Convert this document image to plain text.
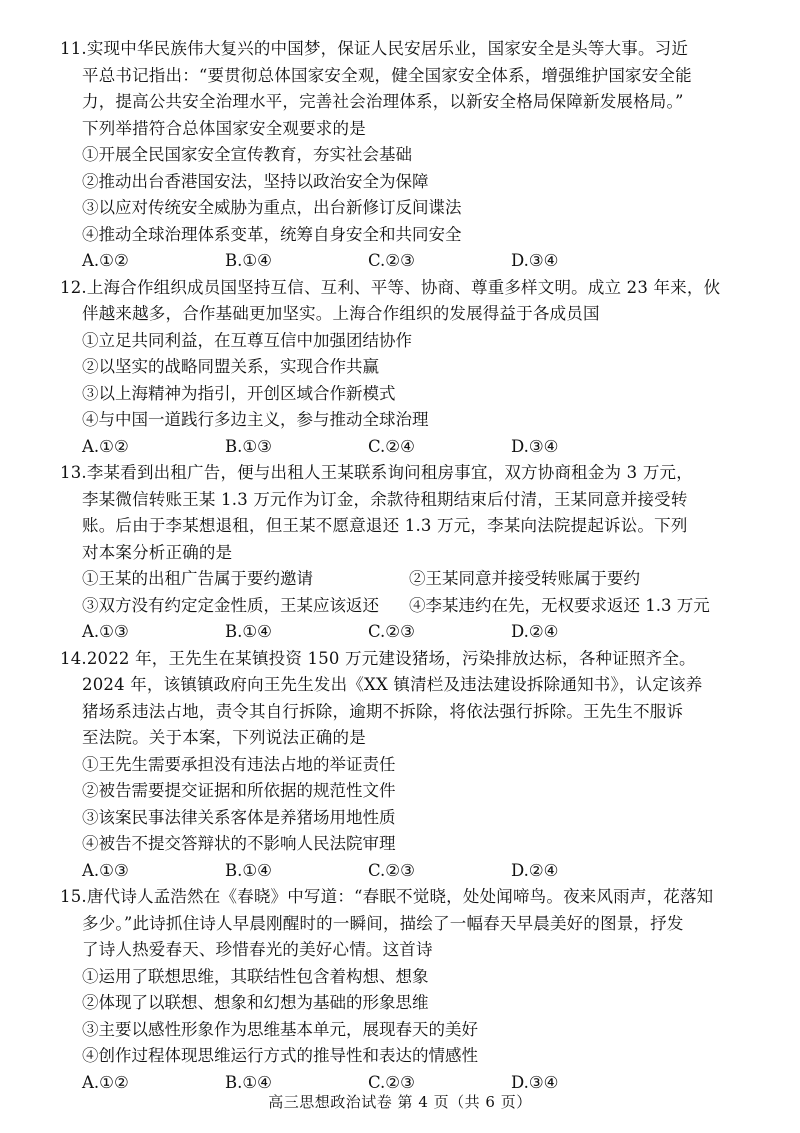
11.实现中华民族伟大复兴的中国梦，保证人民安居乐业，国家安全是头等大事。习近
平总书记指出：“要贯彻总体国家安全观，健全国家安全体系，增强维护国家安全能
力，提高公共安全治理水平，完善社会治理体系，以新安全格局保障新发展格局。”
下列举措符合总体国家安全观要求的是
①开展全民国家安全宣传教育，夯实社会基础
②推动出台香港国安法，坚持以政治安全为保障
③以应对传统安全威胁为重点，出台新修订反间谍法
④推动全球治理体系变革，统筹自身安全和共同安全
A.①②	B.①④	C.②③	D.③④
12.上海合作组织成员国坚持互信、互利、平等、协商、尊重多样文明。成立 23 年来，伙
伴越来越多，合作基础更加坚实。上海合作组织的发展得益于各成员国
①立足共同利益，在互尊互信中加强团结协作
②以坚实的战略同盟关系，实现合作共赢
③以上海精神为指引，开创区域合作新模式
④与中国一道践行多边主义，参与推动全球治理
A.①②	B.①③	C.②④	D.③④
13.李某看到出租广告，便与出租人王某联系询问租房事宜，双方协商租金为 3 万元，
李某微信转账王某 1.3 万元作为订金，余款待租期结束后付清，王某同意并接受转
账。后由于李某想退租，但王某不愿意退还 1.3 万元，李某向法院提起诉讼。下列
对本案分析正确的是
①王某的出租广告属于要约邀请	②王某同意并接受转账属于要约
③双方没有约定定金性质，王某应该返还	④李某违约在先，无权要求返还 1.3 万元
A.①③	B.①④	C.②③	D.②④
14.2022 年，王先生在某镇投资 150 万元建设猪场，污染排放达标，各种证照齐全。
2024 年，该镇镇政府向王先生发出《XX 镇清栏及违法建设拆除通知书》，认定该养
猪场系违法占地，责令其自行拆除，逾期不拆除，将依法强行拆除。王先生不服诉
至法院。关于本案，下列说法正确的是
①王先生需要承担没有违法占地的举证责任
②被告需要提交证据和所依据的规范性文件
③该案民事法律关系客体是养猪场用地性质
④被告不提交答辩状的不影响人民法院审理
A.①③	B.①④	C.②③	D.②④
15.唐代诗人孟浩然在《春晓》中写道：“春眠不觉晓，处处闻啼鸟。夜来风雨声，花落知
多少。”此诗抓住诗人早晨刚醒时的一瞬间，描绘了一幅春天早晨美好的图景，抒发
了诗人热爱春天、珍惜春光的美好心情。这首诗
①运用了联想思维，其联结性包含着构想、想象
②体现了以联想、想象和幻想为基础的形象思维
③主要以感性形象作为思维基本单元，展现春天的美好
④创作过程体现思维运行方式的推导性和表达的情感性
A.①②	B.①④	C.②③	D.③④
高三思想政治试卷 第 4 页（共 6 页）
